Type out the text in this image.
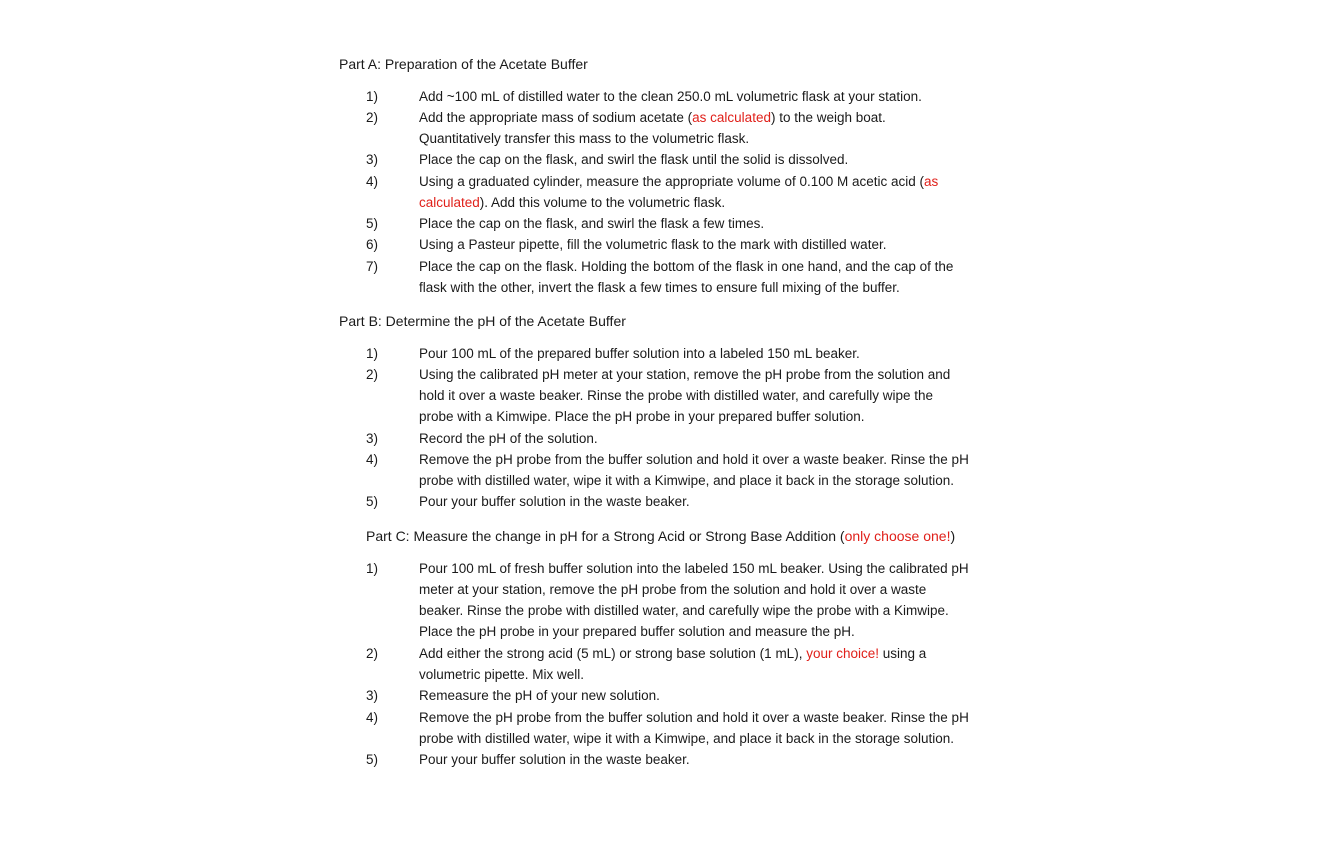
Part A: Preparation of the Acetate Buffer
1)	Add ~100 mL of distilled water to the clean 250.0 mL volumetric flask at your station.
2)	Add the appropriate mass of sodium acetate (as calculated) to the weigh boat.
Quantitatively transfer this mass to the volumetric flask.
3)	Place the cap on the flask, and swirl the flask until the solid is dissolved.
4)	Using a graduated cylinder, measure the appropriate volume of 0.100 M acetic acid (as
calculated). Add this volume to the volumetric flask.
5)	Place the cap on the flask, and swirl the flask a few times.
6)	Using a Pasteur pipette, fill the volumetric flask to the mark with distilled water.
7)	Place the cap on the flask. Holding the bottom of the flask in one hand, and the cap of the
flask with the other, invert the flask a few times to ensure full mixing of the buffer.
Part B: Determine the pH of the Acetate Buffer
1)	Pour 100 mL of the prepared buffer solution into a labeled 150 mL beaker.
2)	Using the calibrated pH meter at your station, remove the pH probe from the solution and
hold it over a waste beaker. Rinse the probe with distilled water, and carefully wipe the
probe with a Kimwipe. Place the pH probe in your prepared buffer solution.
3)	Record the pH of the solution.
4)	Remove the pH probe from the buffer solution and hold it over a waste beaker. Rinse the pH
probe with distilled water, wipe it with a Kimwipe, and place it back in the storage solution.
5)	Pour your buffer solution in the waste beaker.
Part C: Measure the change in pH for a Strong Acid or Strong Base Addition (only choose one!)
1)	Pour 100 mL of fresh buffer solution into the labeled 150 mL beaker. Using the calibrated pH
meter at your station, remove the pH probe from the solution and hold it over a waste
beaker. Rinse the probe with distilled water, and carefully wipe the probe with a Kimwipe.
Place the pH probe in your prepared buffer solution and measure the pH.
2)	Add either the strong acid (5 mL) or strong base solution (1 mL), your choice! using a
volumetric pipette. Mix well.
3)	Remeasure the pH of your new solution.
4)	Remove the pH probe from the buffer solution and hold it over a waste beaker. Rinse the pH
probe with distilled water, wipe it with a Kimwipe, and place it back in the storage solution.
5)	Pour your buffer solution in the waste beaker.
